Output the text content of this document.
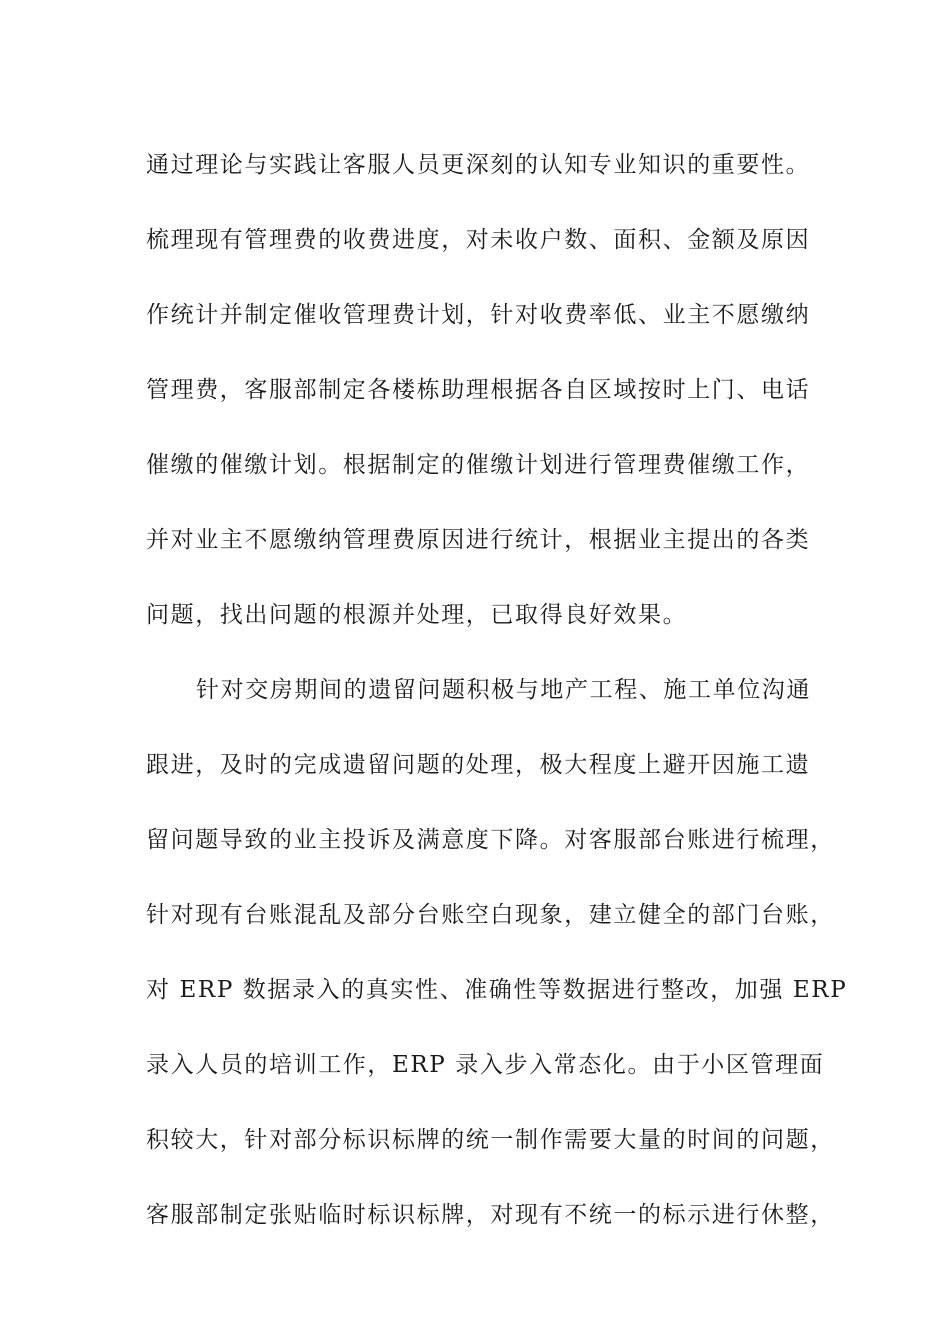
通过理论与实践让客服人员更深刻的认知专业知识的重要性。
梳理现有管理费的收费进度，对未收户数、面积、金额及原因
作统计并制定催收管理费计划，针对收费率低、业主不愿缴纳
管理费，客服部制定各楼栋助理根据各自区域按时上门、电话
催缴的催缴计划。根据制定的催缴计划进行管理费催缴工作，
并对业主不愿缴纳管理费原因进行统计，根据业主提出的各类
问题，找出问题的根源并处理，已取得良好效果。
针对交房期间的遗留问题积极与地产工程、施工单位沟通
跟进，及时的完成遗留问题的处理，极大程度上避开因施工遗
留问题导致的业主投诉及满意度下降。对客服部台账进行梳理，
针对现有台账混乱及部分台账空白现象，建立健全的部门台账，
对 ERP 数据录入的真实性、准确性等数据进行整改，加强 ERP
录入人员的培训工作，ERP 录入步入常态化。由于小区管理面
积较大，针对部分标识标牌的统一制作需要大量的时间的问题，
客服部制定张贴临时标识标牌，对现有不统一的标示进行休整，
